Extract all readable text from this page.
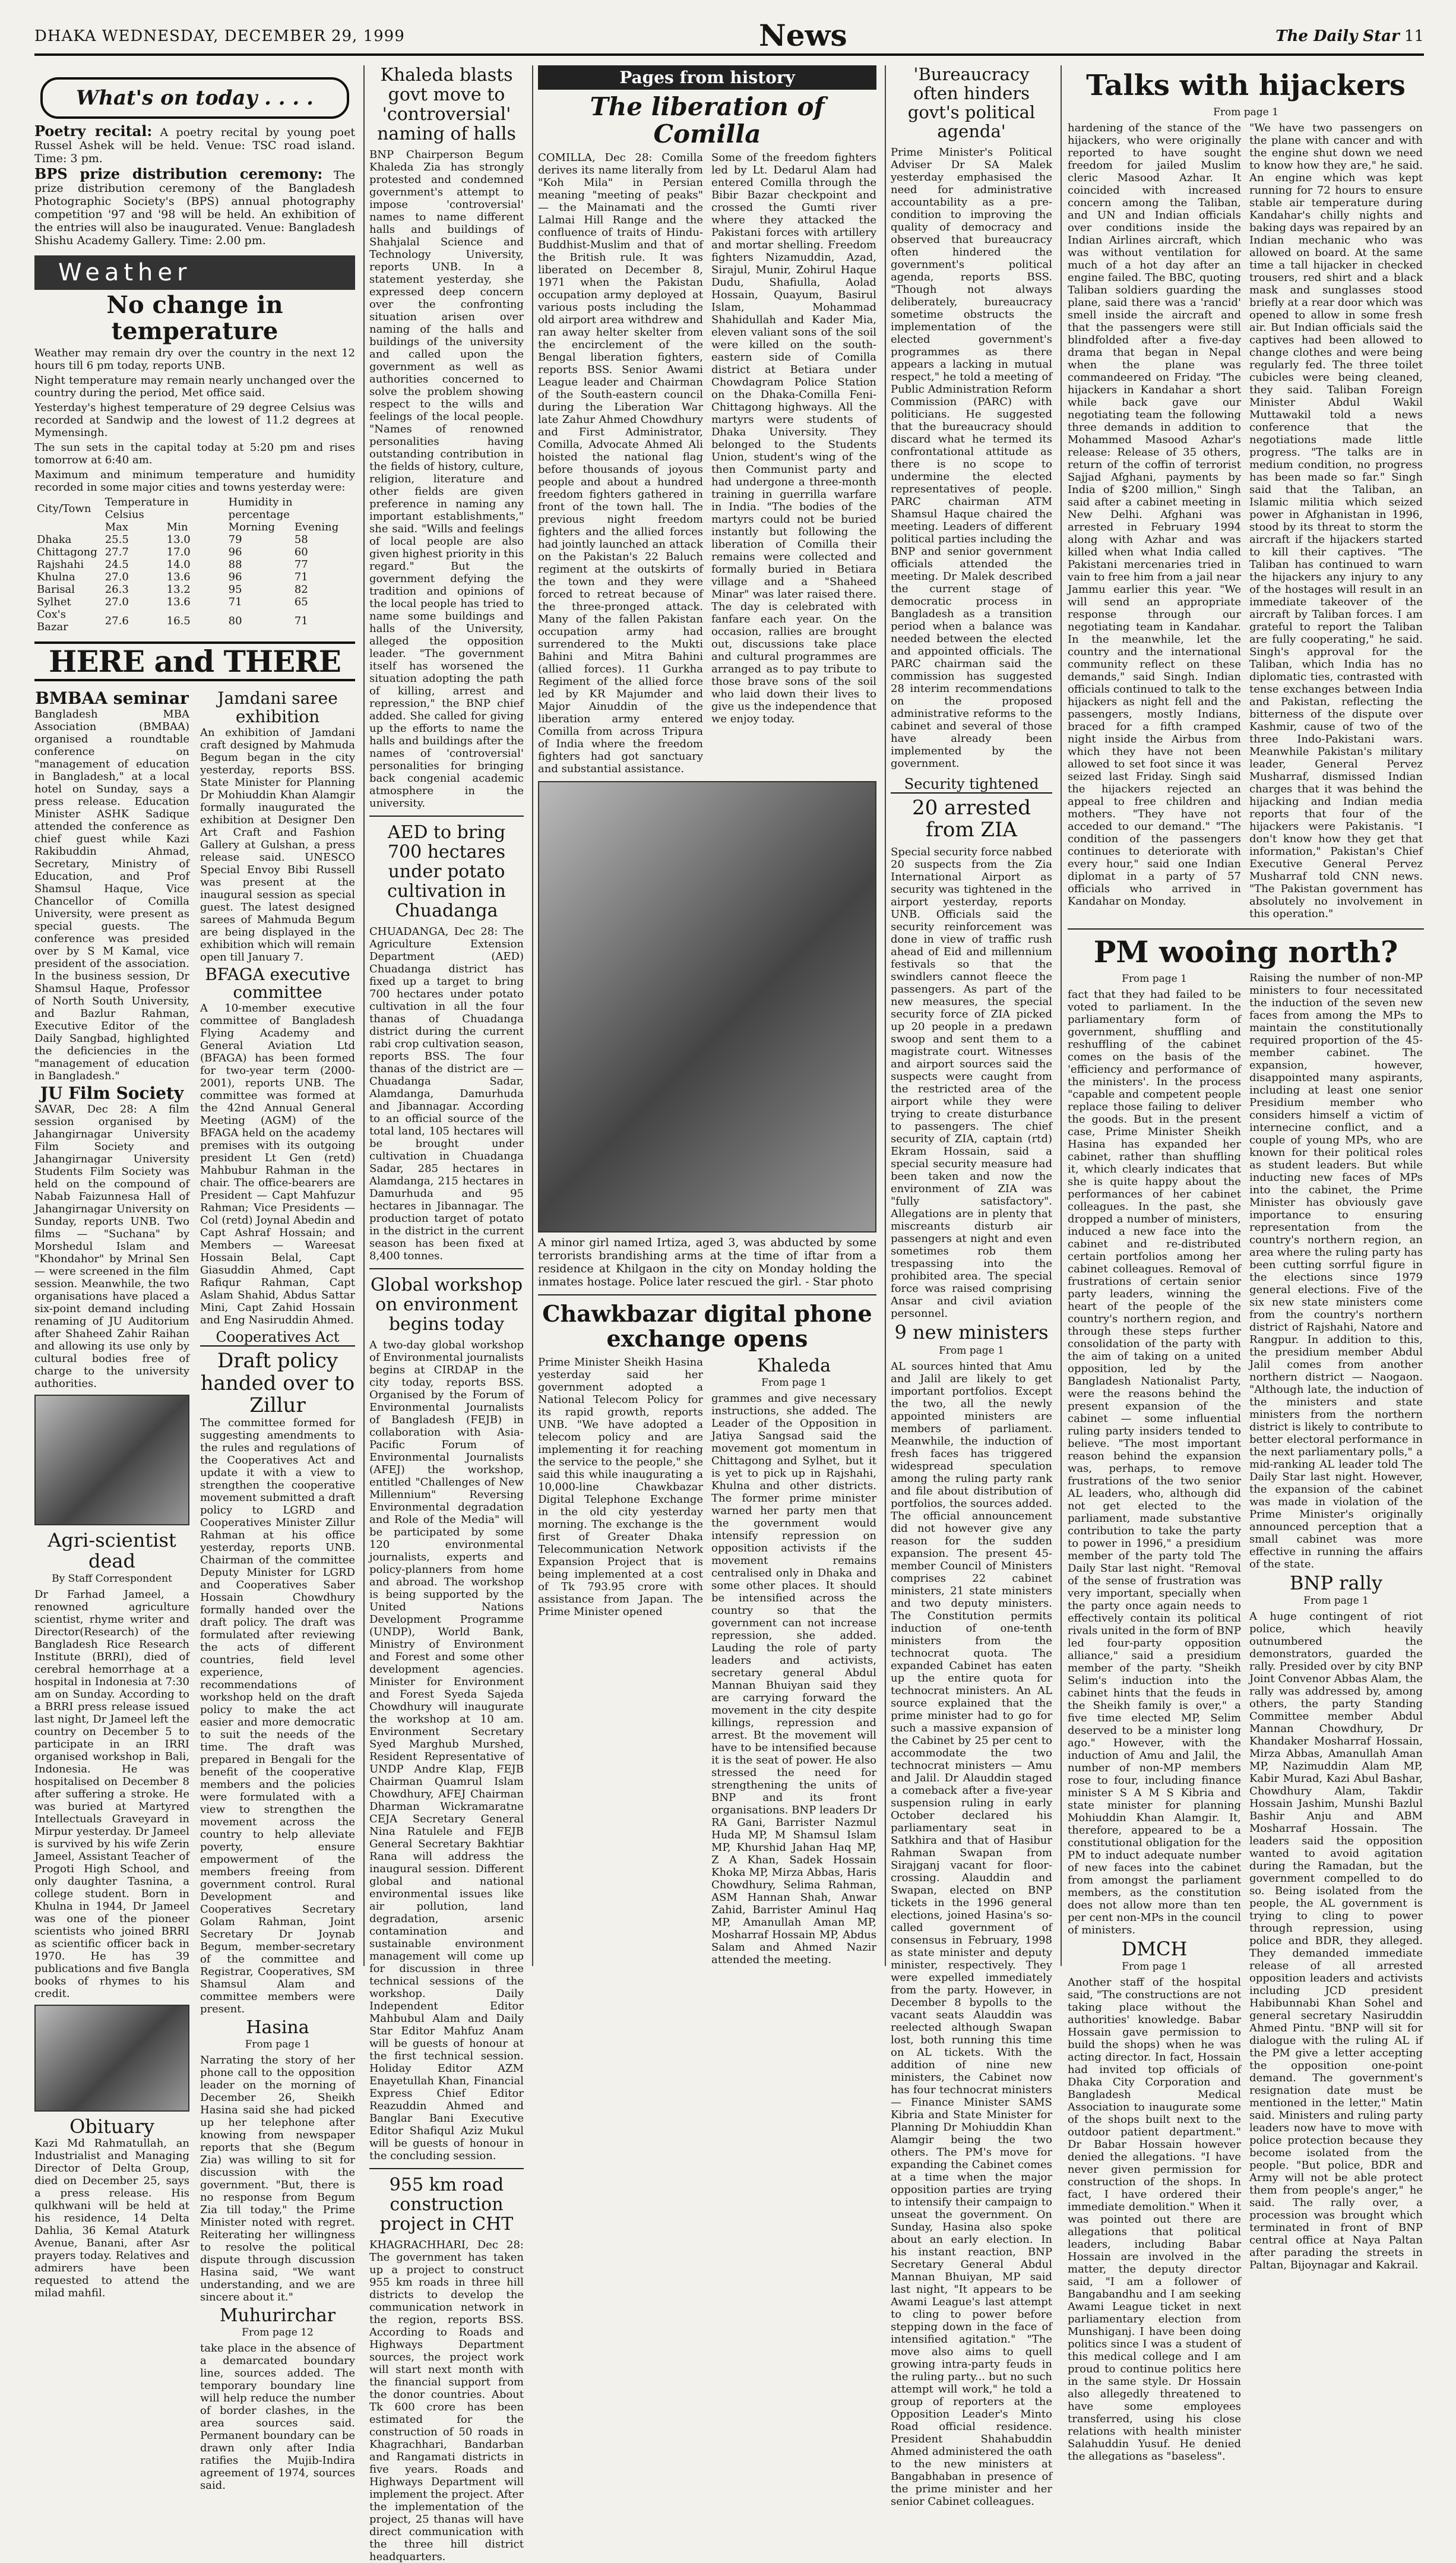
DHAKA WEDNESDAY, DECEMBER 29, 1999	News	The Daily Star 11
What's on today . . . .

Poetry recital: A poetry recital by young poet Russel Ashek will be held. Venue: TSC road island. Time: 3 pm.

BPS prize distribution ceremony: The prize distribution ceremony of the Bangladesh Photographic Society's (BPS) annual photography competition '97 and '98 will be held. An exhibition of the entries will also be inaugurated. Venue: Bangladesh Shishu Academy Gallery. Time: 2.00 pm.

Weather
No change in temperature

Weather may remain dry over the country in the next 12 hours till 6 pm today, reports UNB.

Night temperature may remain nearly unchanged over the country during the period, Met office said.

Yesterday's highest temperature of 29 degree Celsius was recorded at Sandwip and the lowest of 11.2 degrees at Mymensingh.

The sun sets in the capital today at 5:20 pm and rises tomorrow at 6:40 am.

Maximum and minimum temperature and humidity recorded in some major cities and towns yesterday were:

City/Town	Temperature in Celsius		Humidity in percentage	
	Max	Min	Morning	Evening
Dhaka	25.5	13.0	79	58
Chittagong	27.7	17.0	96	60
Rajshahi	24.5	14.0	88	77
Khulna	27.0	13.6	96	71
Barisal	26.3	13.2	95	82
Sylhet	27.0	13.6	71	65
Cox's Bazar	27.6	16.5	80	71
HERE and THERE
BMBAA seminar

Bangladesh MBA Association (BMBAA) organised a roundtable conference on "management of education in Bangladesh," at a local hotel on Sunday, says a press release. Education Minister ASHK Sadique attended the conference as chief guest while Kazi Rakibuddin Ahmad, Secretary, Ministry of Education, and Prof Shamsul Haque, Vice Chancellor of Comilla University, were present as special guests. The conference was presided over by S M Kamal, vice president of the association. In the business session, Dr Shamsul Haque, Professor of North South University, and Bazlur Rahman, Executive Editor of the Daily Sangbad, highlighted the deficiencies in the "management of education in Bangladesh."

JU Film Society

SAVAR, Dec 28: A film session organised by Jahangirnagar University Film Society and Jahangirnagar University Students Film Society was held on the compound of Nabab Faizunnesa Hall of Jahangirnagar University on Sunday, reports UNB. Two films — "Suchana" by Morshedul Islam and "Khondahor" by Mrinal Sen — were screened in the film session. Meanwhile, the two organisations have placed a six-point demand including renaming of JU Auditorium after Shaheed Zahir Raihan and allowing its use only by cultural bodies free of charge to the university authorities.

Agri-scientist dead
By Staff Correspondent

Dr Farhad Jameel, a renowned agriculture scientist, rhyme writer and Director(Research) of the Bangladesh Rice Research Institute (BRRI), died of cerebral hemorrhage at a hospital in Indonesia at 7:30 am on Sunday. According to a BRRI press release issued last night, Dr Jameel left the country on December 5 to participate in an IRRI organised workshop in Bali, Indonesia. He was hospitalised on December 8 after suffering a stroke. He was buried at Martyred Intellectuals Graveyard in Mirpur yesterday. Dr Jameel is survived by his wife Zerin Jameel, Assistant Teacher of Progoti High School, and only daughter Tasnina, a college student. Born in Khulna in 1944, Dr Jameel was one of the pioneer scientists who joined BRRI as scientific officer back in 1970. He has 39 publications and five Bangla books of rhymes to his credit.

Obituary

Kazi Md Rahmatullah, an Industrialist and Managing Director of Delta Group, died on December 25, says a press release. His qulkhwani will be held at his residence, 14 Delta Dahlia, 36 Kemal Ataturk Avenue, Banani, after Asr prayers today. Relatives and admirers have been requested to attend the milad mahfil.

Jamdani saree exhibition

An exhibition of Jamdani craft designed by Mahmuda Begum began in the city yesterday, reports BSS. State Minister for Planning Dr Mohiuddin Khan Alamgir formally inaugurated the exhibition at Designer Den Art Craft and Fashion Gallery at Gulshan, a press release said. UNESCO Special Envoy Bibi Russell was present at the inaugural session as special guest. The latest designed sarees of Mahmuda Begum are being displayed in the exhibition which will remain open till January 7.

BFAGA executive committee

A 10-member executive committee of Bangladesh Flying Academy and General Aviation Ltd (BFAGA) has been formed for two-year term (2000-2001), reports UNB. The committee was formed at the 42nd Annual General Meeting (AGM) of the BFAGA held on the academy premises with its outgoing president Lt Gen (retd) Mahbubur Rahman in the chair. The office-bearers are President — Capt Mahfuzur Rahman; Vice Presidents — Col (retd) Joynal Abedin and Capt Ashraf Hossain; and Members — Wareesat Hossain Belal, Capt Giasuddin Ahmed, Capt Rafiqur Rahman, Capt Aslam Shahid, Abdus Sattar Mini, Capt Zahid Hossain and Eng Nasiruddin Ahmed.

Cooperatives Act
Draft policy handed over to Zillur

The committee formed for suggesting amendments to the rules and regulations of the Cooperatives Act and update it with a view to strengthen the cooperative movement submitted a draft policy to LGRD and Cooperatives Minister Zillur Rahman at his office yesterday, reports UNB. Chairman of the committee Deputy Minister for LGRD and Cooperatives Saber Hossain Chowdhury formally handed over the draft policy. The draft was formulated after reviewing the acts of different countries, field level experience, recommendations of workshop held on the draft policy to make the act easier and more democratic to suit the needs of the time. The draft was prepared in Bengali for the benefit of the cooperative members and the policies were formulated with a view to strengthen the movement across the country to help alleviate poverty, ensure empowerment of the members freeing from government control. Rural Development and Cooperatives Secretary Golam Rahman, Joint Secretary Dr Joynab Begum, member-secretary of the committee and Registrar, Cooperatives, SM Shamsul Alam and committee members were present.

Hasina
From page 1

Narrating the story of her phone call to the opposition leader on the morning of December 26, Sheikh Hasina said she had picked up her telephone after knowing from newspaper reports that she (Begum Zia) was willing to sit for discussion with the government. "But, there is no response from Begum Zia till today," the Prime Minister noted with regret. Reiterating her willingness to resolve the political dispute through discussion Hasina said, "We want understanding, and we are sincere about it."

Muhurirchar
From page 12

take place in the absence of a demarcated boundary line, sources added. The temporary boundary line will help reduce the number of border clashes, in the area sources said. Permanent boundary can be drawn only after India ratifies the Mujib-Indira agreement of 1974, sources said.

Khaleda blasts govt move to 'controversial' naming of halls

BNP Chairperson Begum Khaleda Zia has strongly protested and condemned government's attempt to impose 'controversial' names to name different halls and buildings of Shahjalal Science and Technology University, reports UNB. In a statement yesterday, she expressed deep concern over the confronting situation arisen over naming of the halls and buildings of the university and called upon the government as well as authorities concerned to solve the problem showing respect to the wills and feelings of the local people. "Names of renowned personalities having outstanding contribution in the fields of history, culture, religion, literature and other fields are given preference in naming any important establishments," she said. "Wills and feelings of local people are also given highest priority in this regard." But the government defying the tradition and opinions of the local people has tried to name some buildings and halls of the University, alleged the opposition leader. "The government itself has worsened the situation adopting the path of killing, arrest and repression," the BNP chief added. She called for giving up the efforts to name the halls and buildings after the names of 'controversial' personalities for bringing back congenial academic atmosphere in the university.

AED to bring 700 hectares under potato cultivation in Chuadanga

CHUADANGA, Dec 28: The Agriculture Extension Department (AED) Chuadanga district has fixed up a target to bring 700 hectares under potato cultivation in all the four thanas of Chuadanga district during the current rabi crop cultivation season, reports BSS. The four thanas of the district are — Chuadanga Sadar, Alamdanga, Damurhuda and Jibannagar. According to an official source of the total land, 105 hectares will be brought under cultivation in Chuadanga Sadar, 285 hectares in Alamdanga, 215 hectares in Damurhuda and 95 hectares in Jibannagar. The production target of potato in the district in the current season has been fixed at 8,400 tonnes.

Global workshop on environment begins today

A two-day global workshop of Environmental journalists begins at CIRDAP in the city today, reports BSS. Organised by the Forum of Environmental Journalists of Bangladesh (FEJB) in collaboration with Asia-Pacific Forum of Environmental Journalists (AFEJ) the workshop, entitled "Challenges of New Millennium" Reversing Environmental degradation and Role of the Media" will be participated by some 120 environmental journalists, experts and policy-planners from home and abroad. The workshop is being supported by the United Nations Development Programme (UNDP), World Bank, Ministry of Environment and Forest and some other development agencies. Minister for Environment and Forest Syeda Sajeda Chowdhury will inaugurate the workshop at 10 am. Environment Secretary Syed Marghub Murshed, Resident Representative of UNDP Andre Klap, FEJB Chairman Quamrul Islam Chowdhury, AFEJ Chairman Dharman Wickramaratne CEJA Secretary General Nina Ratulele and FEJB General Secretary Bakhtiar Rana will address the inaugural session. Different global and national environmental issues like air pollution, land degradation, arsenic contamination and sustainable environment management will come up for discussion in three technical sessions of the workshop. Daily Independent Editor Mahbubul Alam and Daily Star Editor Mahfuz Anam will be guests of honour at the first technical session. Holiday Editor AZM Enayetullah Khan, Financial Express Chief Editor Reazuddin Ahmed and Banglar Bani Executive Editor Shafiqul Aziz Mukul will be guests of honour in the concluding session.

955 km road construction project in CHT

KHAGRACHHARI, Dec 28: The government has taken up a project to construct 955 km roads in three hill districts to develop the communication network in the region, reports BSS. According to Roads and Highways Department sources, the project work will start next month with the financial support from the donor countries. About Tk 600 crore has been estimated for the construction of 50 roads in Khagrachhari, Bandarban and Rangamati districts in five years. Roads and Highways Department will implement the project. After the implementation of the project, 25 thanas will have direct communication with the three hill district headquarters.

Pages from history
The liberation of Comilla

COMILLA, Dec 28: Comilla derives its name literally from "Koh Mila" in Persian meaning "meeting of peaks" — the Mainamati and the Lalmai Hill Range and the confluence of traits of Hindu-Buddhist-Muslim and that of the British rule. It was liberated on December 8, 1971 when the Pakistan occupation army deployed at various posts including the old airport area withdrew and ran away helter skelter from the encirclement of the Bengal liberation fighters, reports BSS. Senior Awami League leader and Chairman of the South-eastern council during the Liberation War late Zahur Ahmed Chowdhury and First Administrator, Comilla, Advocate Ahmed Ali hoisted the national flag before thousands of joyous people and about a hundred freedom fighters gathered in front of the town hall. The previous night freedom fighters and the allied forces had jointly launched an attack on the Pakistan's 22 Baluch regiment at the outskirts of the town and they were forced to retreat because of the three-pronged attack. Many of the fallen Pakistan occupation army had surrendered to the Mukti Bahini and Mitra Bahini (allied forces). 11 Gurkha Regiment of the allied force led by KR Majumder and Major Ainuddin of the liberation army entered Comilla from across Tripura of India where the freedom fighters had got sanctuary and substantial assistance.

Some of the freedom fighters led by Lt. Dedarul Alam had entered Comilla through the Bibir Bazar checkpoint and crossed the Gumti river where they attacked the Pakistani forces with artillery and mortar shelling. Freedom fighters Nizamuddin, Azad, Sirajul, Munir, Zohirul Haque Dudu, Shafiulla, Aolad Hossain, Quayum, Basirul Islam, Mohammad Shahidullah and Kader Mia, eleven valiant sons of the soil were killed on the south-eastern side of Comilla district at Betiara under Chowdagram Police Station on the Dhaka-Comilla Feni-Chittagong highways. All the martyrs were students of Dhaka University. They belonged to the Students Union, student's wing of the then Communist party and had undergone a three-month training in guerrilla warfare in India. "The bodies of the martyrs could not be buried instantly but following the liberation of Comilla their remains were collected and formally buried in Betiara village and a "Shaheed Minar" was later raised there. The day is celebrated with fanfare each year. On the occasion, rallies are brought out, discussions take place and cultural programmes are arranged as to pay tribute to those brave sons of the soil who laid down their lives to give us the independence that we enjoy today.

A minor girl named Irtiza, aged 3, was abducted by some terrorists brandishing arms at the time of iftar from a residence at Khilgaon in the city on Monday holding the inmates hostage. Police later rescued the girl. - Star photo

Chawkbazar digital phone exchange opens

Prime Minister Sheikh Hasina yesterday said her government adopted a National Telecom Policy for its rapid growth, reports UNB. "We have adopted a telecom policy and are implementing it for reaching the service to the people," she said this while inaugurating a 10,000-line Chawkbazar Digital Telephone Exchange in the old city yesterday morning. The exchange is the first of Greater Dhaka Telecommunication Network Expansion Project that is being implemented at a cost of Tk 793.95 crore with assistance from Japan. The Prime Minister opened

Khaleda
From page 1

grammes and give necessary instructions, she added. The Leader of the Opposition in Jatiya Sangsad said the movement got momentum in Chittagong and Sylhet, but it is yet to pick up in Rajshahi, Khulna and other districts. The former prime minister warned her party men that the government would intensify repression on opposition activists if the movement remains centralised only in Dhaka and some other places. It should be intensified across the country so that the government can not increase repression, she added. Lauding the role of party leaders and activists, secretary general Abdul Mannan Bhuiyan said they are carrying forward the movement in the city despite killings, repression and arrest. Bt the movement will have to be intensified because it is the seat of power. He also stressed the need for strengthening the units of BNP and its front organisations. BNP leaders Dr RA Gani, Barrister Nazmul Huda MP, M Shamsul Islam MP, Khurshid Jahan Haq MP, Z A Khan, Sadek Hossain Khoka MP, Mirza Abbas, Haris Chowdhury, Selima Rahman, ASM Hannan Shah, Anwar Zahid, Barrister Aminul Haq MP, Amanullah Aman MP, Mosharraf Hossain MP, Abdus Salam and Ahmed Nazir attended the meeting.

'Bureaucracy often hinders govt's political agenda'

Prime Minister's Political Adviser Dr SA Malek yesterday emphasised the need for administrative accountability as a pre-condition to improving the quality of democracy and observed that bureaucracy often hindered the government's political agenda, reports BSS. "Though not always deliberately, bureaucracy sometime obstructs the implementation of the elected government's programmes as there appears a lacking in mutual respect," he told a meeting of Public Administration Reform Commission (PARC) with politicians. He suggested that the bureaucracy should discard what he termed its confrontational attitude as there is no scope to undermine the elected representatives of people. PARC chairman ATM Shamsul Haque chaired the meeting. Leaders of different political parties including the BNP and senior government officials attended the meeting. Dr Malek described the current stage of democratic process in Bangladesh as a transition period when a balance was needed between the elected and appointed officials. The PARC chairman said the commission has suggested 28 interim recommendations on the proposed administrative reforms to the cabinet and several of those have already been implemented by the government.

Security tightened
20 arrested from ZIA

Special security force nabbed 20 suspects from the Zia International Airport as security was tightened in the airport yesterday, reports UNB. Officials said the security reinforcement was done in view of traffic rush ahead of Eid and millennium festivals so that the swindlers cannot fleece the passengers. As part of the new measures, the special security force of ZIA picked up 20 people in a predawn swoop and sent them to a magistrate court. Witnesses and airport sources said the suspects were caught from the restricted area of the airport while they were trying to create disturbance to passengers. The chief security of ZIA, captain (rtd) Ekram Hossain, said a special security measure had been taken and now the environment of ZIA was "fully satisfactory". Allegations are in plenty that miscreants disturb air passengers at night and even sometimes rob them trespassing into the prohibited area. The special force was raised comprising Ansar and civil aviation personnel.

9 new ministers
From page 1

AL sources hinted that Amu and Jalil are likely to get important portfolios. Except the two, all the newly appointed ministers are members of parliament. Meanwhile, the induction of fresh faces has triggered widespread speculation among the ruling party rank and file about distribution of portfolios, the sources added. The official announcement did not however give any reason for the sudden expansion. The present 45-member Council of Ministers comprises 22 cabinet ministers, 21 state ministers and two deputy ministers. The Constitution permits induction of one-tenth ministers from the technocrat quota. The expanded Cabinet has eaten up the entire quota for technocrat ministers. An AL source explained that the prime minister had to go for such a massive expansion of the Cabinet by 25 per cent to accommodate the two technocrat ministers — Amu and Jalil. Dr Alauddin staged a comeback after a five-year suspension ruling in early October declared his parliamentary seat in Satkhira and that of Hasibur Rahman Swapan from Sirajganj vacant for floor-crossing. Alauddin and Swapan, elected on BNP tickets in the 1996 general elections, joined Hasina's so-called government of consensus in February, 1998 as state minister and deputy minister, respectively. They were expelled immediately from the party. However, in December 8 bypolls to the vacant seats Alauddin was reelected although Swapan lost, both running this time on AL tickets. With the addition of nine new ministers, the Cabinet now has four technocrat ministers — Finance Minister SAMS Kibria and State Minister for Planning Dr Mohiuddin Khan Alamgir being the two others. The PM's move for expanding the Cabinet comes at a time when the major opposition parties are trying to intensify their campaign to unseat the government. On Sunday, Hasina also spoke about an early election. In his instant reaction, BNP Secretary General Abdul Mannan Bhuiyan, MP said last night, "It appears to be Awami League's last attempt to cling to power before stepping down in the face of intensified agitation." "The move also aims to quell growing intra-party feuds in the ruling party... but no such attempt will work," he told a group of reporters at the Opposition Leader's Minto Road official residence. President Shahabuddin Ahmed administered the oath to the new ministers at Bangabhaban in presence of the prime minister and her senior Cabinet colleagues.

Talks with hijackers
From page 1

hardening of the stance of the hijackers, who were originally reported to have sought freedom for jailed Muslim cleric Masood Azhar. It coincided with increased concern among the Taliban, and UN and Indian officials over conditions inside the Indian Airlines aircraft, which was without ventilation for much of a hot day after an engine failed. The BBC, quoting Taliban soldiers guarding the plane, said there was a 'rancid' smell inside the aircraft and that the passengers were still blindfolded after a five-day drama that began in Nepal when the plane was commandeered on Friday. "The hijackers in Kandahar a short while back gave our negotiating team the following three demands in addition to Mohammed Masood Azhar's release: Release of 35 others, return of the coffin of terrorist Sajjad Afghani, payments by India of $200 million," Singh said after a cabinet meeting in New Delhi. Afghani was arrested in February 1994 along with Azhar and was killed when what India called Pakistani mercenaries tried in vain to free him from a jail near Jammu earlier this year. "We will send an appropriate response through our negotiating team in Kandahar. In the meanwhile, let the country and the international community reflect on these demands," said Singh. Indian officials continued to talk to the hijackers as night fell and the passengers, mostly Indians, braced for a fifth cramped night inside the Airbus from which they have not been allowed to set foot since it was seized last Friday. Singh said the hijackers rejected an appeal to free children and mothers. "They have not acceded to our demand." "The condition of the passengers continues to deteriorate with every hour," said one Indian diplomat in a party of 57 officials who arrived in Kandahar on Monday.

"We have two passengers on the plane with cancer and with the engine shut down we need to know how they are," he said. An engine which was kept running for 72 hours to ensure stable air temperature during Kandahar's chilly nights and baking days was repaired by an Indian mechanic who was allowed on board. At the same time a tall hijacker in checked trousers, red shirt and a black mask and sunglasses stood briefly at a rear door which was opened to allow in some fresh air. But Indian officials said the captives had been allowed to change clothes and were being regularly fed. The three toilet cubicles were being cleaned, they said. Taliban Foreign Minister Abdul Wakil Muttawakil told a news conference that the negotiations made little progress. "The talks are in medium condition, no progress has been made so far." Singh said that the Taliban, an Islamic militia which seized power in Afghanistan in 1996, stood by its threat to storm the aircraft if the hijackers started to kill their captives. "The Taliban has continued to warn the hijackers any injury to any of the hostages will result in an immediate takeover of the aircraft by Taliban forces. I am grateful to report the Taliban are fully cooperating," he said. Singh's approval for the Taliban, which India has no diplomatic ties, contrasted with tense exchanges between India and Pakistan, reflecting the bitterness of the dispute over Kashmir, cause of two of the three Indo-Pakistani wars. Meanwhile Pakistan's military leader, General Pervez Musharraf, dismissed Indian charges that it was behind the hijacking and Indian media reports that four of the hijackers were Pakistanis. "I don't know how they get that information," Pakistan's Chief Executive General Pervez Musharraf told CNN news. "The Pakistan government has absolutely no involvement in this operation."

PM wooing north?
From page 1

fact that they had failed to be voted to parliament. In the parliamentary form of government, shuffling and reshuffling of the cabinet comes on the basis of the 'efficiency and performance of the ministers'. In the process "capable and competent people replace those failing to deliver the goods. But in the present case, Prime Minister Sheikh Hasina has expanded her cabinet, rather than shuffling it, which clearly indicates that she is quite happy about the performances of her cabinet colleagues. In the past, she dropped a number of ministers, induced a new face into the cabinet and re-distributed certain portfolios among her cabinet colleagues. Removal of frustrations of certain senior party leaders, winning the heart of the people of the country's northern region, and through these steps further consolidation of the party with the aim of taking on a united opposition, led by the Bangladesh Nationalist Party, were the reasons behind the present expansion of the cabinet — some influential ruling party insiders tended to believe. "The most important reason behind the expansion was, perhaps, to remove frustrations of the two senior AL leaders, who, although did not get elected to the parliament, made substantive contribution to take the party to power in 1996," a presidium member of the party told The Daily Star last night. "Removal of the sense of frustration was very important, specially when the party once again needs to effectively contain its political rivals united in the form of BNP led four-party opposition alliance," said a presidium member of the party. "Sheikh Selim's induction into the cabinet hints that the feuds in the Sheikh family is over," a five time elected MP, Selim deserved to be a minister long ago." However, with the induction of Amu and Jalil, the number of non-MP members rose to four, including finance minister S A M S Kibria and state minister for planning Mohiuddin Khan Alamgir. It, therefore, appeared to be a constitutional obligation for the PM to induct adequate number of new faces into the cabinet from amongst the parliament members, as the constitution does not allow more than ten per cent non-MPs in the council of ministers.

DMCH
From page 1

Another staff of the hospital said, "The constructions are not taking place without the authorities' knowledge. Babar Hossain gave permission to build the shops) when he was acting director. In fact, Hossain had invited top officials of Dhaka City Corporation and Bangladesh Medical Association to inaugurate some of the shops built next to the outdoor patient department." Dr Babar Hossain however denied the allegations. "I have never given permission for construction of the shops. In fact, I have ordered their immediate demolition." When it was pointed out there are allegations that political leaders, including Babar Hossain are involved in the matter, the deputy director said, "I am a follower of Bangabandhu and I am seeking Awami League ticket in next parliamentary election from Munshiganj. I have been doing politics since I was a student of this medical college and I am proud to continue politics here in the same style. Dr Hossain also allegedly threatened to have some employees transferred, using his close relations with health minister Salahuddin Yusuf. He denied the allegations as "baseless".

Raising the number of non-MP ministers to four necessitated the induction of the seven new faces from among the MPs to maintain the constitutionally required proportion of the 45-member cabinet. The expansion, however, disappointed many aspirants, including at least one senior Presidium member who considers himself a victim of internecine conflict, and a couple of young MPs, who are known for their political roles as student leaders. But while inducting new faces of MPs into the cabinet, the Prime Minister has obviously gave importance to ensuring representation from the country's northern region, an area where the ruling party has been cutting sorrful figure in the elections since 1979 general elections. Five of the six new state ministers come from the country's northern district of Rajshahi, Natore and Rangpur. In addition to this, the presidium member Abdul Jalil comes from another northern district — Naogaon. "Although late, the induction of the ministers and state ministers from the northern district is likely to contribute to better electoral performance in the next parliamentary polls," a mid-ranking AL leader told The Daily Star last night. However, the expansion of the cabinet was made in violation of the Prime Minister's originally announced perception that a small cabinet was more effective in running the affairs of the state.

BNP rally
From page 1

A huge contingent of riot police, which heavily outnumbered the demonstrators, guarded the rally. Presided over by city BNP Joint Convenor Abbas Alam, the rally was addressed by, among others, the party Standing Committee member Abdul Mannan Chowdhury, Dr Khandaker Mosharraf Hossain, Mirza Abbas, Amanullah Aman MP, Nazimuddin Alam MP, Kabir Murad, Kazi Abul Bashar, Chowdhury Alam, Takdir Hossain Jashim, Munshi Bazlul Bashir Anju and ABM Mosharraf Hossain. The leaders said the opposition wanted to avoid agitation during the Ramadan, but the government compelled to do so. Being isolated from the people, the AL government is trying to cling to power through repression, using police and BDR, they alleged. They demanded immediate release of all arrested opposition leaders and activists including JCD president Habibunnabi Khan Sohel and general secretary Nasiruddin Ahmed Pintu. "BNP will sit for dialogue with the ruling AL if the PM give a letter accepting the opposition one-point demand. The government's resignation date must be mentioned in the letter," Matin said. Ministers and ruling party leaders now have to move with police protection because they become isolated from the people. "But police, BDR and Army will not be able protect them from people's anger," he said. The rally over, a procession was brought which terminated in front of BNP central office at Naya Paltan after parading the streets in Paltan, Bijoynagar and Kakrail.
